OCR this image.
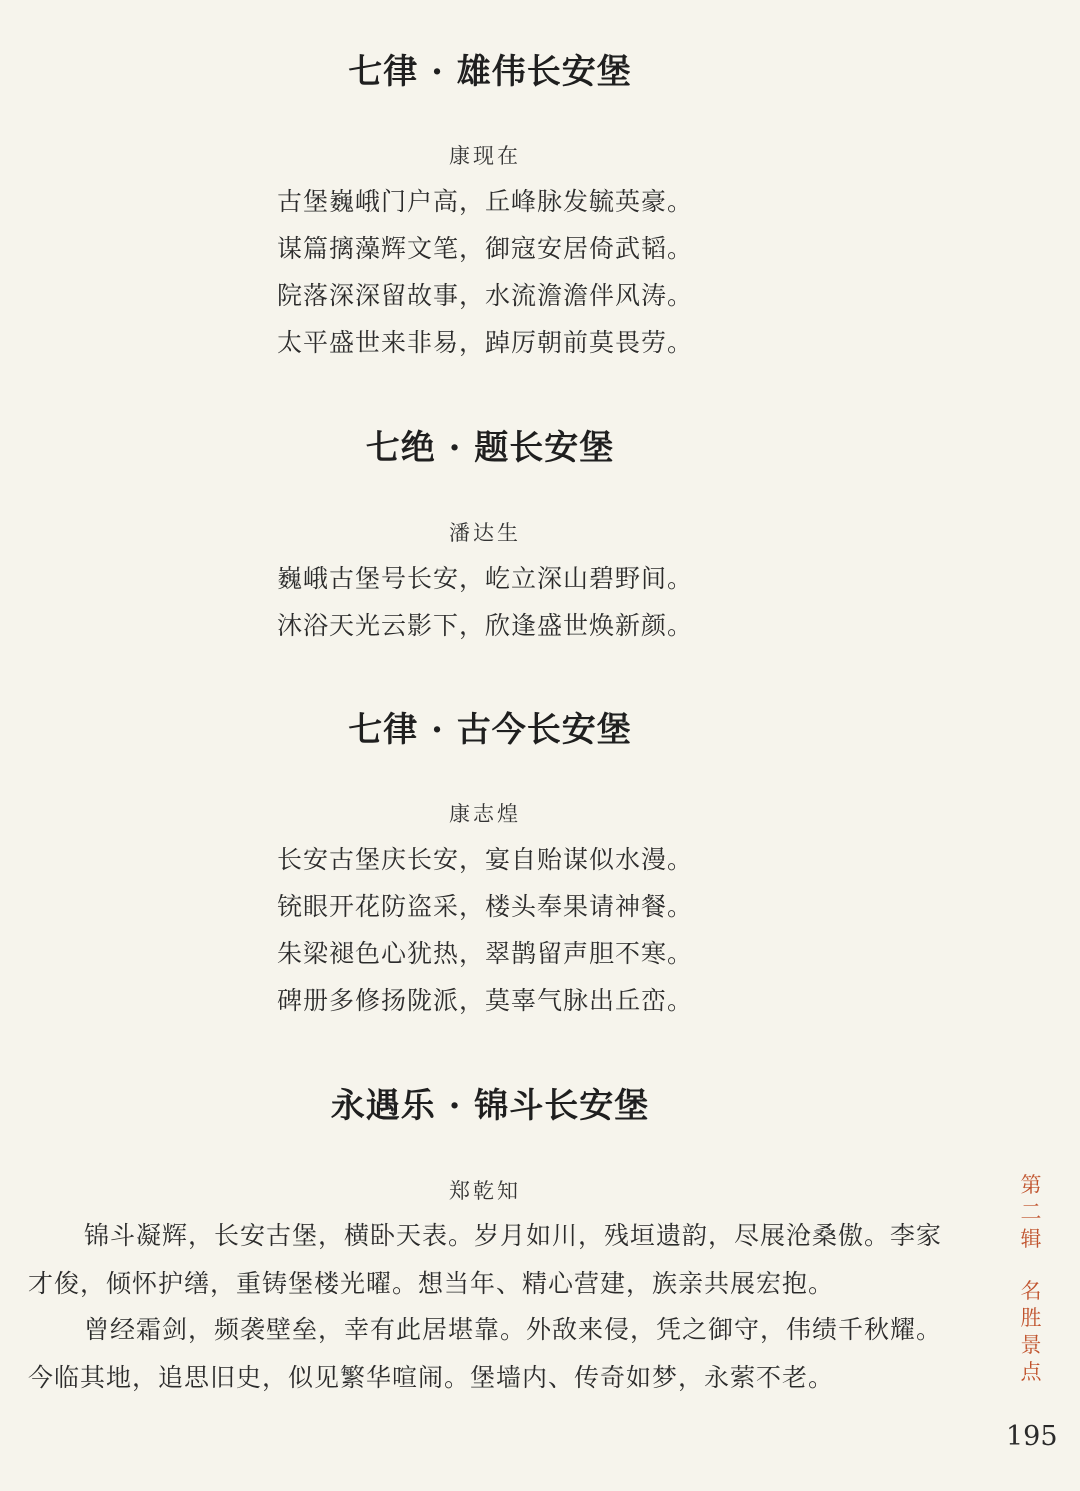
七律 · 雄伟长安堡
康现在
古堡巍峨门户高，丘峰脉发毓英豪。
谋篇摛藻辉文笔，御寇安居倚武韬。
院落深深留故事，水流澹澹伴风涛。
太平盛世来非易，踔厉朝前莫畏劳。
七绝 · 题长安堡
潘达生
巍峨古堡号长安，屹立深山碧野间。
沐浴天光云影下，欣逢盛世焕新颜。
七律 · 古今长安堡
康志煌
长安古堡庆长安，宴自贻谋似水漫。
铳眼开花防盗采，楼头奉果请神餐。
朱梁褪色心犹热，翠鹊留声胆不寒。
碑册多修扬陇派，莫辜气脉出丘峦。
永遇乐 · 锦斗长安堡
郑乾知
锦斗凝辉，长安古堡，横卧天表。岁月如川，残垣遗韵，尽展沧桑傲。李家才俊，倾怀护缮，重铸堡楼光曜。想当年、精心营建，族亲共展宏抱。
曾经霜剑，频袭壁垒，幸有此居堪靠。外敌来侵，凭之御守，伟绩千秋耀。今临其地，追思旧史，似见繁华喧闹。堡墙内、传奇如梦，永萦不老。
第二辑
名胜景点
195
